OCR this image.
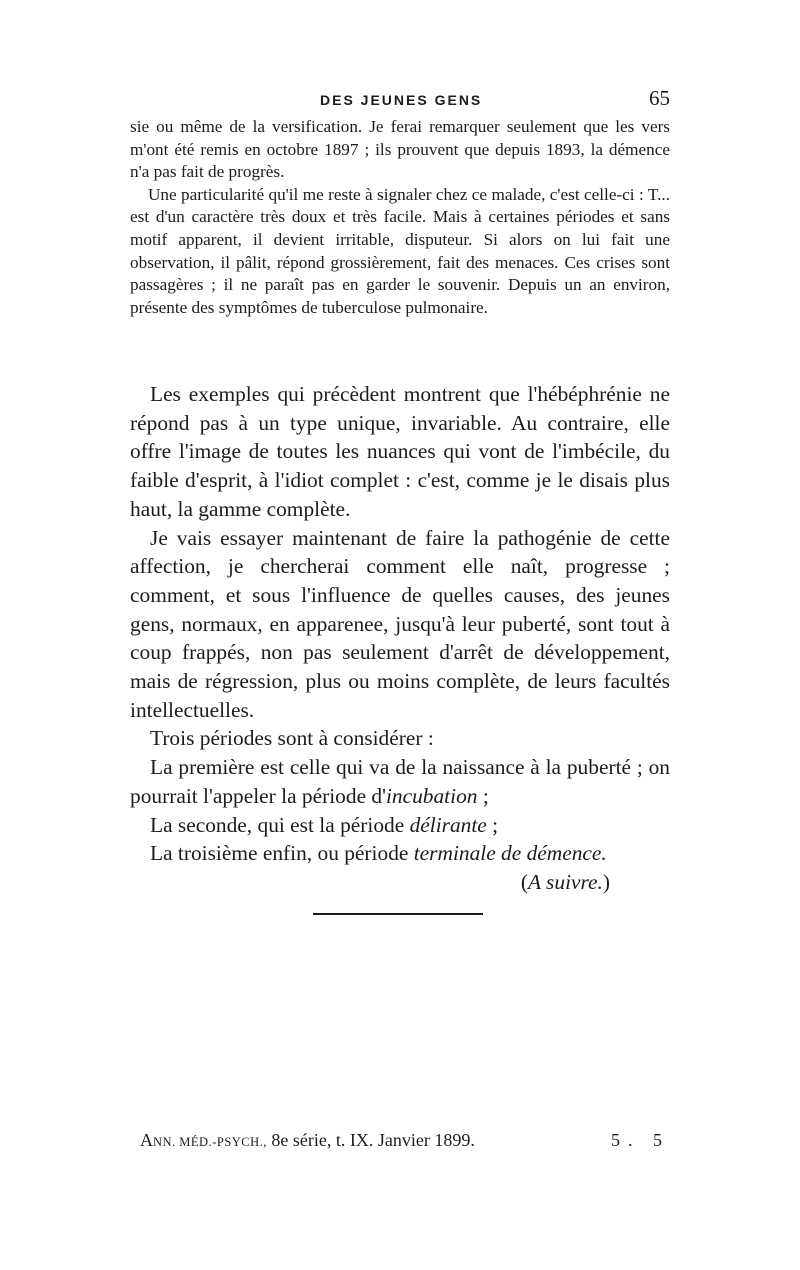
DES JEUNES GENS	65

sie ou même de la versification. Je ferai remarquer seulement que les vers m'ont été remis en octobre 1897 ; ils prouvent que depuis 1893, la démence n'a pas fait de progrès.

Une particularité qu'il me reste à signaler chez ce malade, c'est celle-ci : T... est d'un caractère très doux et très facile. Mais à certaines périodes et sans motif apparent, il devient irritable, disputeur. Si alors on lui fait une observation, il pâlit, répond grossièrement, fait des menaces. Ces crises sont passagères ; il ne paraît pas en garder le souvenir. Depuis un an environ, présente des symptômes de tuberculose pulmonaire.

Les exemples qui précèdent montrent que l'hébéphrénie ne répond pas à un type unique, invariable. Au contraire, elle offre l'image de toutes les nuances qui vont de l'imbécile, du faible d'esprit, à l'idiot complet : c'est, comme je le disais plus haut, la gamme complète.

Je vais essayer maintenant de faire la pathogénie de cette affection, je chercherai comment elle naît, progresse ; comment, et sous l'influence de quelles causes, des jeunes gens, normaux, en apparenee, jusqu'à leur puberté, sont tout à coup frappés, non pas seulement d'arrêt de développement, mais de régression, plus ou moins complète, de leurs facultés intellectuelles.

Trois périodes sont à considérer :

La première est celle qui va de la naissance à la puberté ; on pourrait l'appeler la période d'incubation ;

La seconde, qui est la période délirante ;

La troisième enfin, ou période terminale de démence.

(A suivre.)

ANN. MÉD.-PSYCH., 8e série, t. IX. Janvier 1899.	5. 5
